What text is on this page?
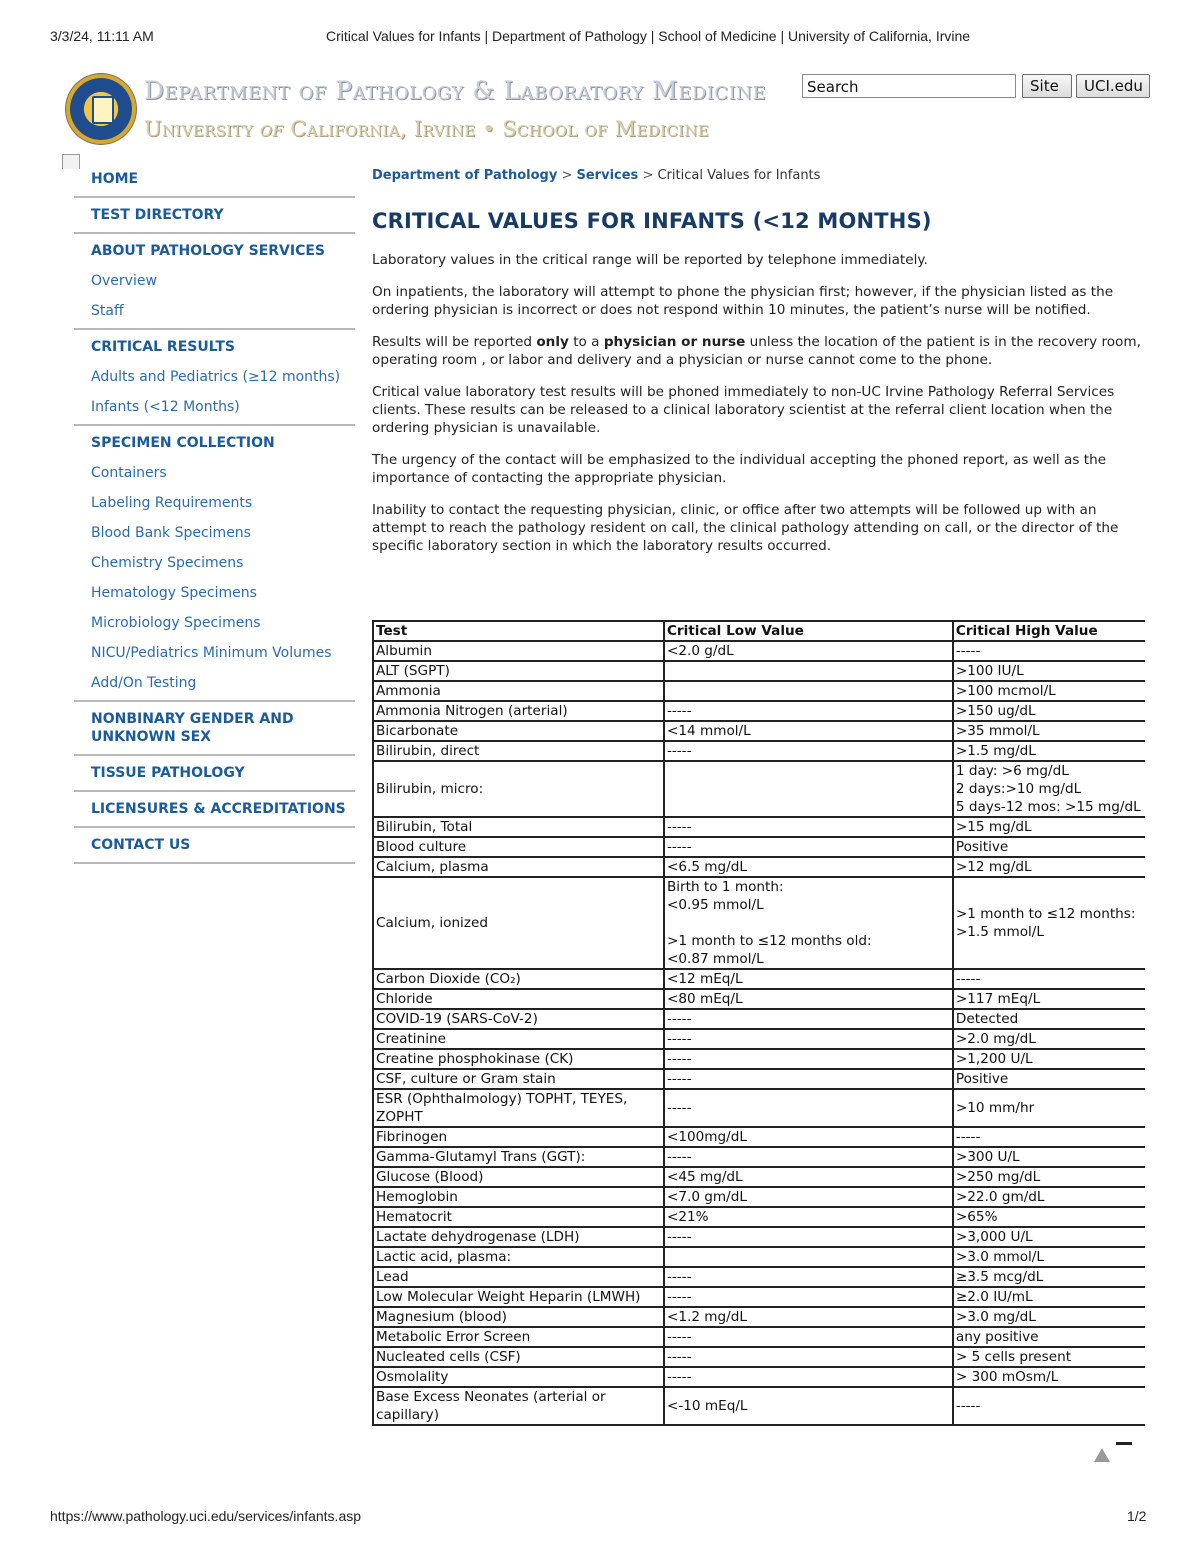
3/3/24, 11:11 AM	Critical Values for Infants | Department of Pathology | School of Medicine | University of California, Irvine
Department of Pathology & Laboratory Medicine
University of California, Irvine • School of Medicine
Search	Site	UCI.edu
HOME
TEST DIRECTORY
ABOUT PATHOLOGY SERVICES
Overview
Staff
CRITICAL RESULTS
Adults and Pediatrics (≥12 months)
Infants (<12 Months)
SPECIMEN COLLECTION
Containers
Labeling Requirements
Blood Bank Specimens
Chemistry Specimens
Hematology Specimens
Microbiology Specimens
NICU/Pediatrics Minimum Volumes
Add/On Testing
NONBINARY GENDER AND
UNKNOWN SEX
TISSUE PATHOLOGY
LICENSURES & ACCREDITATIONS
CONTACT US
Department of Pathology > Services > Critical Values for Infants
CRITICAL VALUES FOR INFANTS (<12 MONTHS)
Laboratory values in the critical range will be reported by telephone immediately.
On inpatients, the laboratory will attempt to phone the physician first; however, if the physician listed as the ordering physician is incorrect or does not respond within 10 minutes, the patient’s nurse will be notified.
Results will be reported only to a physician or nurse unless the location of the patient is in the recovery room, operating room , or labor and delivery and a physician or nurse cannot come to the phone.
Critical value laboratory test results will be phoned immediately to non-UC Irvine Pathology Referral Services clients. These results can be released to a clinical laboratory scientist at the referral client location when the ordering physician is unavailable.
The urgency of the contact will be emphasized to the individual accepting the phoned report, as well as the importance of contacting the appropriate physician.
Inability to contact the requesting physician, clinic, or office after two attempts will be followed up with an attempt to reach the pathology resident on call, the clinical pathology attending on call, or the director of the specific laboratory section in which the laboratory results occurred.
Test	Critical Low Value	Critical High Value
Albumin	<2.0 g/dL	-----
ALT (SGPT)		>100 IU/L
Ammonia		>100 mcmol/L
Ammonia Nitrogen (arterial)	-----	>150 ug/dL
Bicarbonate	<14 mmol/L	>35 mmol/L
Bilirubin, direct	-----	>1.5 mg/dL
Bilirubin, micro:		1 day: >6 mg/dL
2 days:>10 mg/dL
5 days-12 mos: >15 mg/dL
Bilirubin, Total	-----	>15 mg/dL
Blood culture	-----	Positive
Calcium, plasma	<6.5 mg/dL	>12 mg/dL
Calcium, ionized	Birth to 1 month:
<0.95 mmol/L

>1 month to ≤12 months old:
<0.87 mmol/L	>1 month to ≤12 months:
>1.5 mmol/L
Carbon Dioxide (CO₂)	<12 mEq/L	-----
Chloride	<80 mEq/L	>117 mEq/L
COVID-19 (SARS-CoV-2)	-----	Detected
Creatinine	-----	>2.0 mg/dL
Creatine phosphokinase (CK)	-----	>1,200 U/L
CSF, culture or Gram stain	-----	Positive
ESR (Ophthalmology) TOPHT, TEYES, ZOPHT	-----	>10 mm/hr
Fibrinogen	<100mg/dL	-----
Gamma-Glutamyl Trans (GGT):	-----	>300 U/L
Glucose (Blood)	<45 mg/dL	>250 mg/dL
Hemoglobin	<7.0 gm/dL	>22.0 gm/dL
Hematocrit	<21%	>65%
Lactate dehydrogenase (LDH)	-----	>3,000 U/L
Lactic acid, plasma:		>3.0 mmol/L
Lead	-----	≥3.5 mcg/dL
Low Molecular Weight Heparin (LMWH)	-----	≥2.0 IU/mL
Magnesium (blood)	<1.2 mg/dL	>3.0 mg/dL
Metabolic Error Screen	-----	any positive
Nucleated cells (CSF)	-----	> 5 cells present
Osmolality	-----	> 300 mOsm/L
Base Excess Neonates (arterial or capillary)	<-10 mEq/L	-----
https://www.pathology.uci.edu/services/infants.asp	1/2
